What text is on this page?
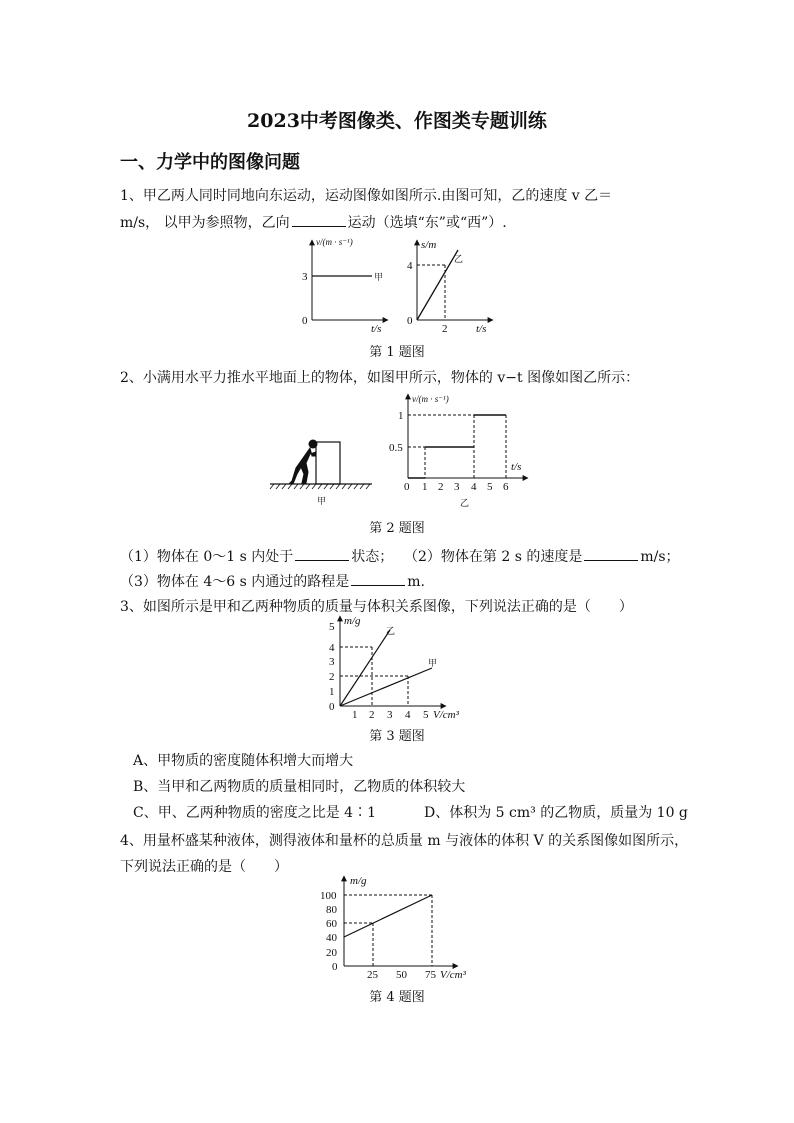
2023中考图像类、作图类专题训练
一、力学中的图像问题
1、甲乙两人同时同地向东运动，运动图像如图所示.由图可知，乙的速度 v 乙＝
m/s， 以甲为参照物，乙向	运动（选填“东”或“西”）.
v/(m · s⁻¹)
3
0
甲
t/s
s/m
4
0
2
乙
t/s
第 1 题图
2、小满用水平力推水平地面上的物体，如图甲所示，物体的 v−t 图像如图乙所示：
甲
v/(m · s⁻¹)
1
0.5
0 1 2 3 4 5 6
t/s
乙
第 2 题图
（1）物体在 0～1 s 内处于	状态； （2）物体在第 2 s 的速度是	m/s；
（3）物体在 4～6 s 内通过的路程是	m.
3、如图所示是甲和乙两种物质的质量与体积关系图像，下列说法正确的是（　　）
m/g
5
4
3
2
1
0
1 2 3 4 5 V/cm³
乙
甲
第 3 题图
A、甲物质的密度随体积增大而增大
B、当甲和乙两物质的质量相同时，乙物质的体积较大
C、甲、乙两种物质的密度之比是 4∶1	D、体积为 5 cm³ 的乙物质，质量为 10 g
4、用量杯盛某种液体，测得液体和量杯的总质量 m 与液体的体积 V 的关系图像如图所示，
下列说法正确的是（　　）
m/g
100
80
60
40
20
0
25 50 75 V/cm³
第 4 题图
